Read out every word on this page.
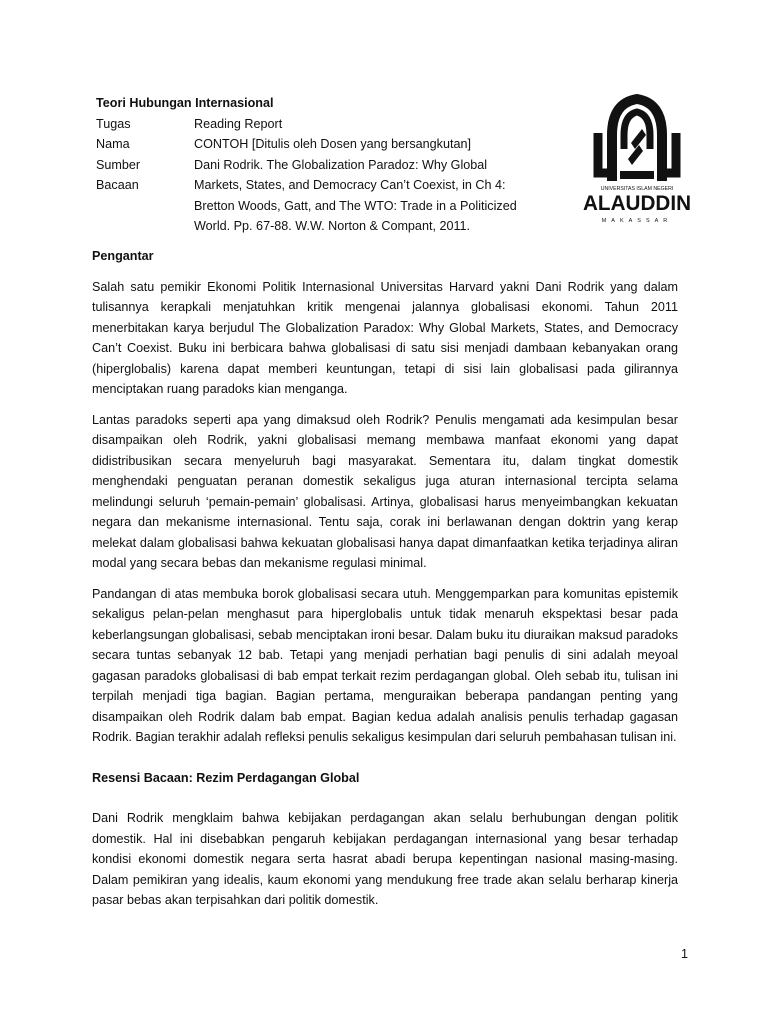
Teori Hubungan Internasional
Tugas	Reading Report
Nama	CONTOH [Ditulis oleh Dosen yang bersangkutan]
Sumber	Dani Rodrik. The Globalization Paradoz: Why Global
Bacaan	Markets, States, and Democracy Can’t Coexist, in Ch 4:
Bretton Woods, Gatt, and The WTO: Trade in a Politicized
World. Pp. 67-88. W.W. Norton & Compant, 2011.
UNIVERSITAS ISLAM NEGERI
ALAUDDIN
MAKASSAR
Pengantar

Salah satu pemikir Ekonomi Politik Internasional Universitas Harvard yakni Dani Rodrik yang dalam tulisannya kerapkali menjatuhkan kritik mengenai jalannya globalisasi ekonomi. Tahun 2011 menerbitakan karya berjudul The Globalization Paradox: Why Global Markets, States, and Democracy Can’t Coexist. Buku ini berbicara bahwa globalisasi di satu sisi menjadi dambaan kebanyakan orang (hiperglobalis) karena dapat memberi keuntungan, tetapi di sisi lain globalisasi pada gilirannya menciptakan ruang paradoks kian menganga.

Lantas paradoks seperti apa yang dimaksud oleh Rodrik? Penulis mengamati ada kesimpulan besar disampaikan oleh Rodrik, yakni globalisasi memang membawa manfaat ekonomi yang dapat didistribusikan secara menyeluruh bagi masyarakat. Sementara itu, dalam tingkat domestik menghendaki penguatan peranan domestik sekaligus juga aturan internasional tercipta selama melindungi seluruh ‘pemain-pemain’ globalisasi. Artinya, globalisasi harus menyeimbangkan kekuatan negara dan mekanisme internasional. Tentu saja, corak ini berlawanan dengan doktrin yang kerap melekat dalam globalisasi bahwa kekuatan globalisasi hanya dapat dimanfaatkan ketika terjadinya aliran modal yang secara bebas dan mekanisme regulasi minimal.

Pandangan di atas membuka borok globalisasi secara utuh. Menggemparkan para komunitas epistemik sekaligus pelan-pelan menghasut para hiperglobalis untuk tidak menaruh ekspektasi besar pada keberlangsungan globalisasi, sebab menciptakan ironi besar. Dalam buku itu diuraikan maksud paradoks secara tuntas sebanyak 12 bab. Tetapi yang menjadi perhatian bagi penulis di sini adalah meyoal gagasan paradoks globalisasi di bab empat terkait rezim perdagangan global. Oleh sebab itu, tulisan ini terpilah menjadi tiga bagian. Bagian pertama, menguraikan beberapa pandangan penting yang disampaikan oleh Rodrik dalam bab empat. Bagian kedua adalah analisis penulis terhadap gagasan Rodrik. Bagian terakhir adalah refleksi penulis sekaligus kesimpulan dari seluruh pembahasan tulisan ini.

Resensi Bacaan: Rezim Perdagangan Global

Dani Rodrik mengklaim bahwa kebijakan perdagangan akan selalu berhubungan dengan politik domestik. Hal ini disebabkan pengaruh kebijakan perdagangan internasional yang besar terhadap kondisi ekonomi domestik negara serta hasrat abadi berupa kepentingan nasional masing-masing. Dalam pemikiran yang idealis, kaum ekonomi yang mendukung free trade akan selalu berharap kinerja pasar bebas akan terpisahkan dari politik domestik.

1
